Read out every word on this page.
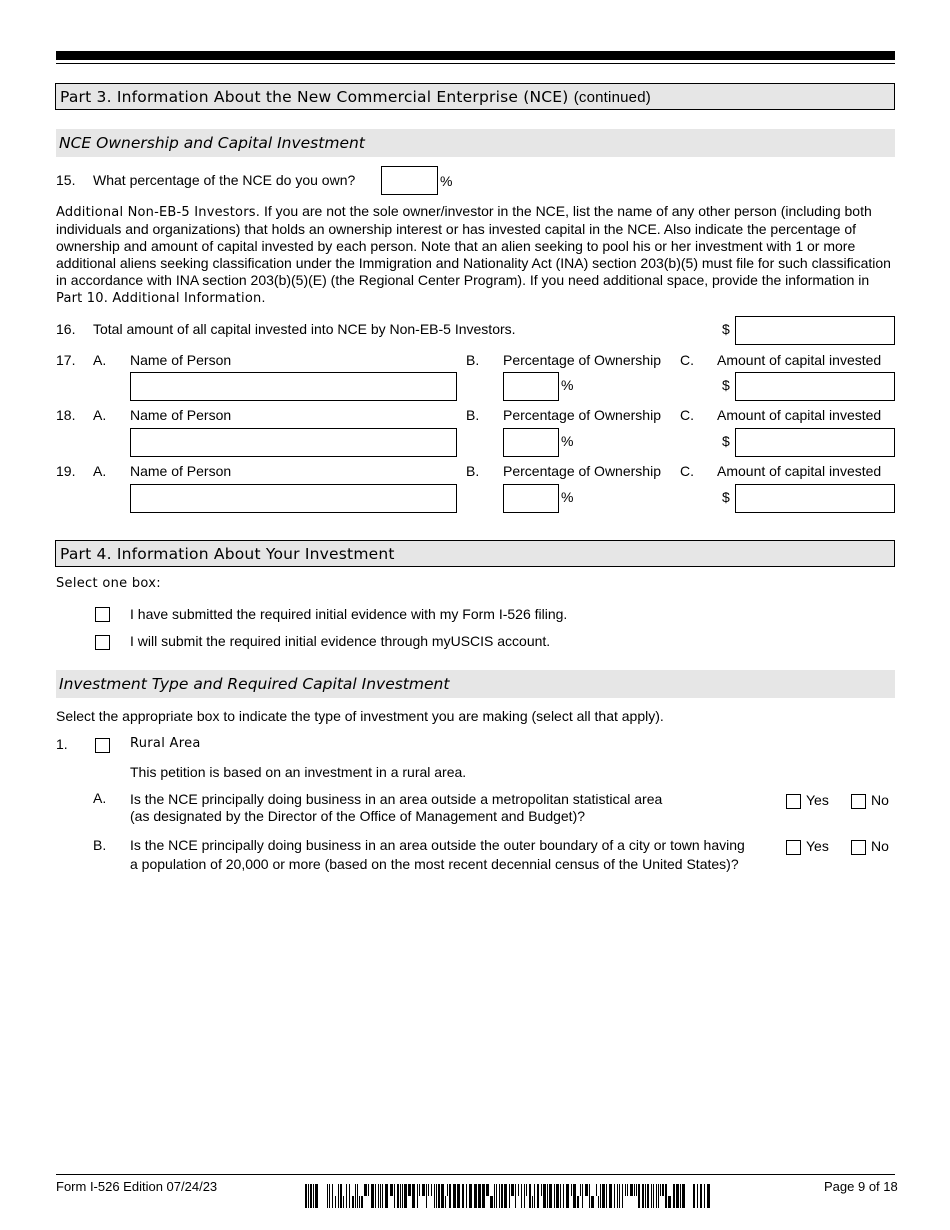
Part 3. Information About the New Commercial Enterprise (NCE) (continued)
NCE Ownership and Capital Investment
15. What percentage of the NCE do you own?	%
Additional Non-EB-5 Investors. If you are not the sole owner/investor in the NCE, list the name of any other person (including both individuals and organizations) that holds an ownership interest or has invested capital in the NCE. Also indicate the percentage of ownership and amount of capital invested by each person. Note that an alien seeking to pool his or her investment with 1 or more additional aliens seeking classification under the Immigration and Nationality Act (INA) section 203(b)(5) must file for such classification in accordance with INA section 203(b)(5)(E) (the Regional Center Program). If you need additional space, provide the information in Part 10. Additional Information.
16. Total amount of all capital invested into NCE by Non-EB-5 Investors.	$
17. A. Name of Person	B. Percentage of Ownership C. Amount of capital invested
%	$
18. A. Name of Person	B. Percentage of Ownership C. Amount of capital invested
%	$
19. A. Name of Person	B. Percentage of Ownership C. Amount of capital invested
%	$
Part 4. Information About Your Investment
Select one box:
I have submitted the required initial evidence with my Form I-526 filing.
I will submit the required initial evidence through myUSCIS account.
Investment Type and Required Capital Investment
Select the appropriate box to indicate the type of investment you are making (select all that apply).
1.	Rural Area
This petition is based on an investment in a rural area.
A. Is the NCE principally doing business in an area outside a metropolitan statistical area
(as designated by the Director of the Office of Management and Budget)?
Yes	No
B. Is the NCE principally doing business in an area outside the outer boundary of a city or town having
a population of 20,000 or more (based on the most recent decennial census of the United States)?
Yes	No
Form I-526 Edition 07/24/23	Page 9 of 18
